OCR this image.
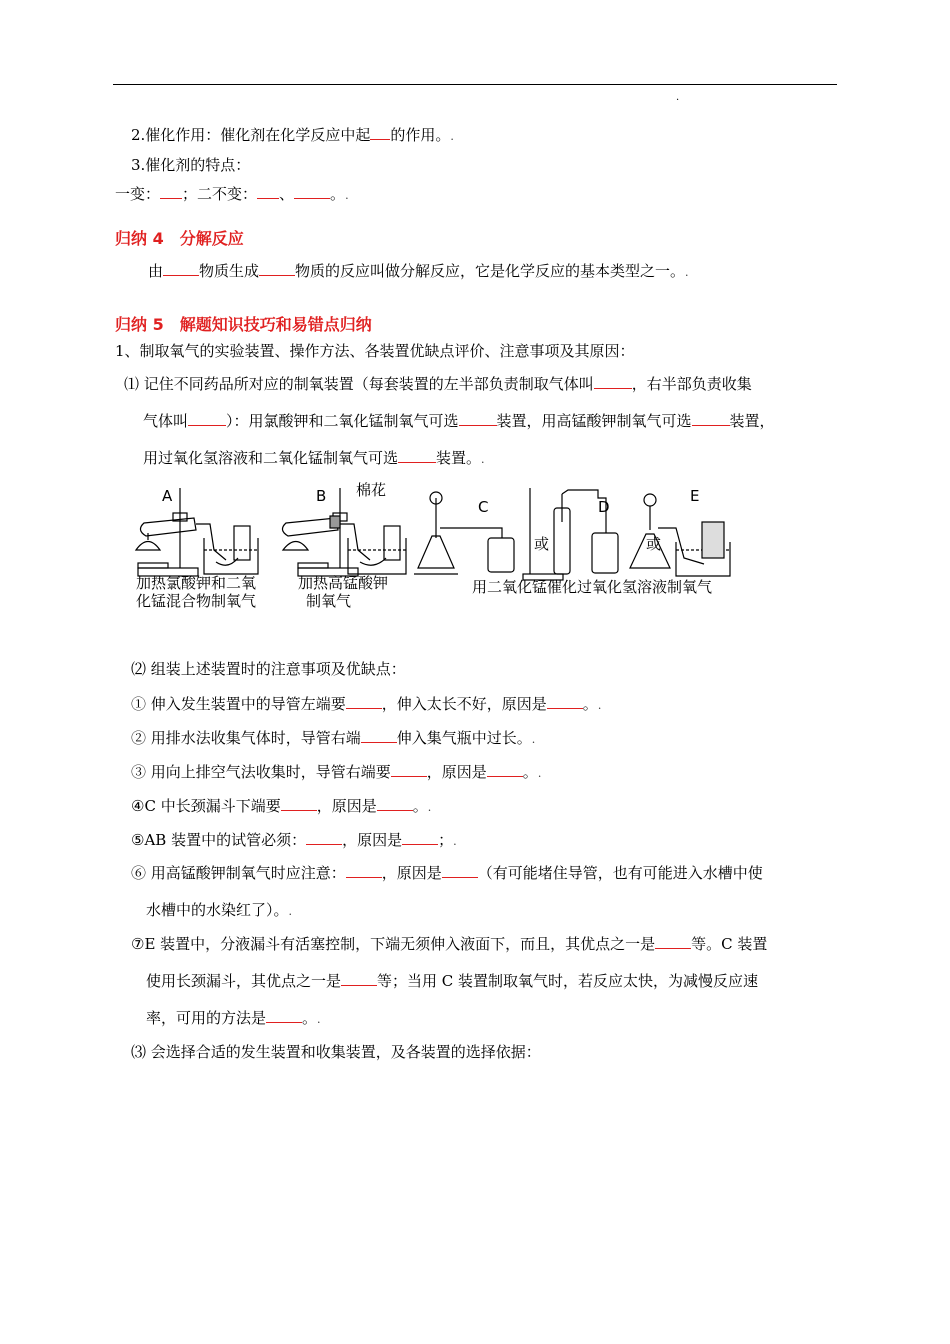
.
2.催化作用：催化剂在化学反应中起 的作用。.
3.催化剂的特点：
一变： ；二不变： 、 。.
归纳 4　分解反应
由 物质生成 物质的反应叫做分解反应，它是化学反应的基本类型之一。.
归纳 5　解题知识技巧和易错点归纳
1、制取氧气的实验装置、操作方法、各装置优缺点评价、注意事项及其原因：
⑴ 记住不同药品所对应的制氧装置（每套装置的左半部负责制取气体叫	，右半部负责收集
气体叫	）：用氯酸钾和二氧化锰制氧气可选	装置，用高锰酸钾制氧气可选	装置，
用过氧化氢溶液和二氧化锰制氧气可选	装置。.
A	B 棉花
C	D
E
或	或
加热氯酸钾和二氧
化锰混合物制氧气
加热高锰酸钾
制氧气
用二氧化锰催化过氧化氢溶液制氧气
⑵ 组装上述装置时的注意事项及优缺点：
① 伸入发生装置中的导管左端要 ，伸入太长不好，原因是 。.
② 用排水法收集气体时，导管右端 伸入集气瓶中过长。.
③ 用向上排空气法收集时，导管右端要 ，原因是 。.
④C 中长颈漏斗下端要 ，原因是 。.
⑤AB 装置中的试管必须： ，原因是 ；.
⑥ 用高锰酸钾制氧气时应注意： ，原因是 （有可能堵住导管，也有可能进入水槽中使
水槽中的水染红了）。.
⑦E 装置中，分液漏斗有活塞控制，下端无须伸入液面下，而且，其优点之一是 等。C 装置
使用长颈漏斗，其优点之一是 等；当用 C 装置制取氧气时，若反应太快，为减慢反应速
率，可用的方法是 。.
⑶ 会选择合适的发生装置和收集装置，及各装置的选择依据：
